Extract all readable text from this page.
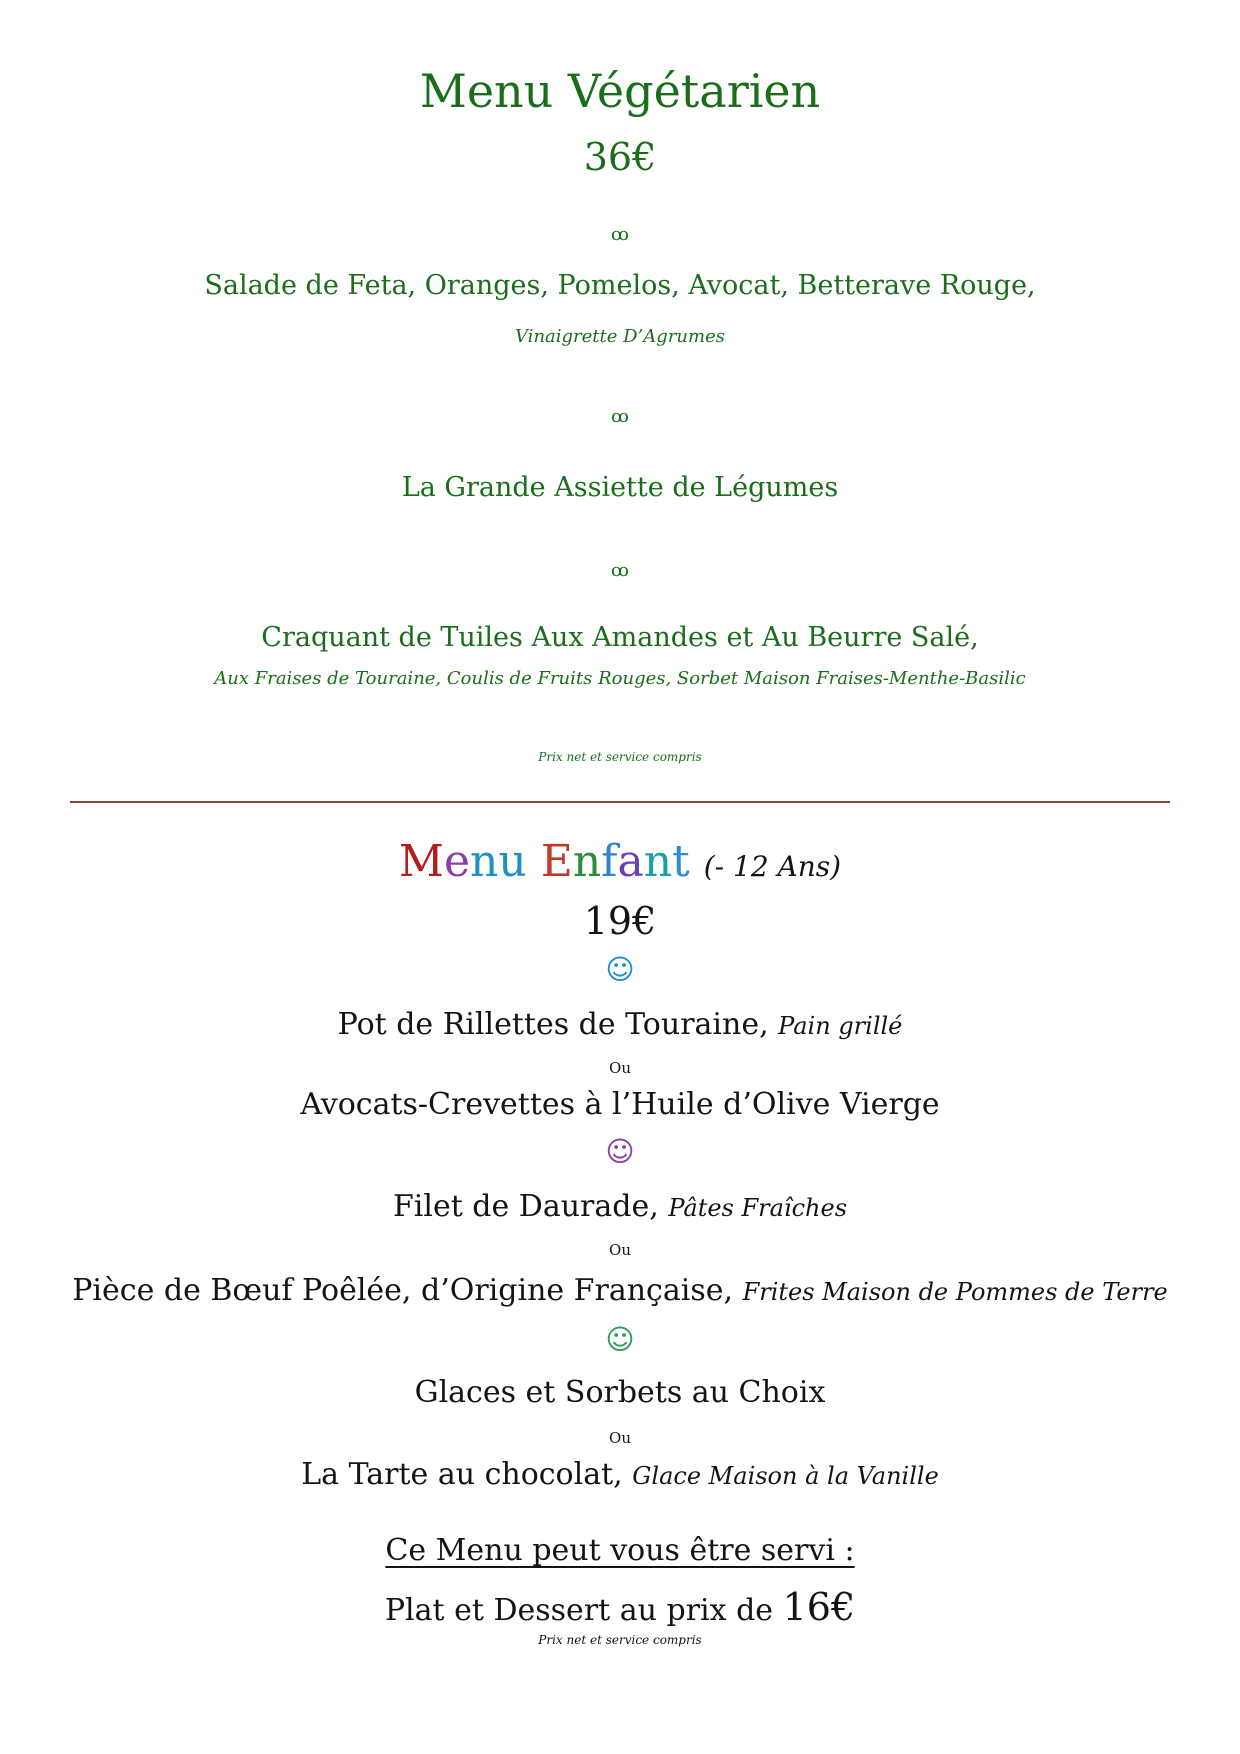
Menu Végétarien
36€
ꝏ
Salade de Feta, Oranges, Pomelos, Avocat, Betterave Rouge,
Vinaigrette D’Agrumes
ꝏ
La Grande Assiette de Légumes
ꝏ
Craquant de Tuiles Aux Amandes et Au Beurre Salé,
Aux Fraises de Touraine, Coulis de Fruits Rouges, Sorbet Maison Fraises-Menthe-Basilic
Prix net et service compris
Menu Enfant (- 12 Ans)
19€
☺
Pot de Rillettes de Touraine, Pain grillé
Ou
Avocats-Crevettes à l’Huile d’Olive Vierge
☺
Filet de Daurade, Pâtes Fraîches
Ou
Pièce de Bœuf Poêlée, d’Origine Française, Frites Maison de Pommes de Terre
☺
Glaces et Sorbets au Choix
Ou
La Tarte au chocolat, Glace Maison à la Vanille
Ce Menu peut vous être servi :
Plat et Dessert au prix de 16€
Prix net et service compris
